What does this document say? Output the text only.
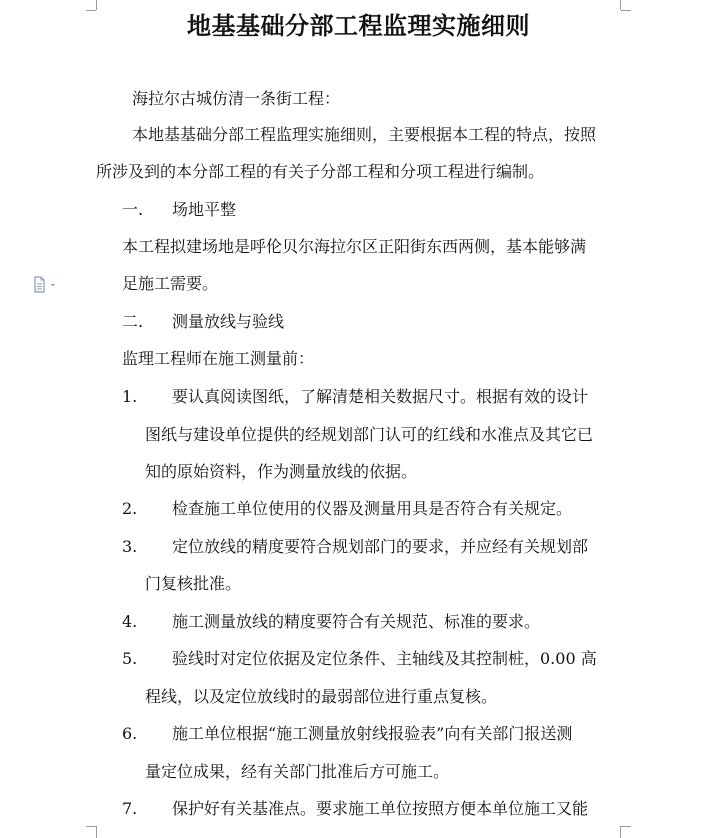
地基基础分部工程监理实施细则
海拉尔古城仿清一条街工程：
本地基基础分部工程监理实施细则，主要根据本工程的特点，按照
所涉及到的本分部工程的有关子分部工程和分项工程进行编制。
一. 场地平整
本工程拟建场地是呼伦贝尔海拉尔区正阳街东西两侧，基本能够满
足施工需要。
二. 测量放线与验线
监理工程师在施工测量前：
1. 要认真阅读图纸，了解清楚相关数据尺寸。根据有效的设计
图纸与建设单位提供的经规划部门认可的红线和水准点及其它已
知的原始资料，作为测量放线的依据。
2. 检查施工单位使用的仪器及测量用具是否符合有关规定。
3. 定位放线的精度要符合规划部门的要求，并应经有关规划部
门复核批准。
4. 施工测量放线的精度要符合有关规范、标准的要求。
5. 验线时对定位依据及定位条件、主轴线及其控制桩，0.00 高
程线，以及定位放线时的最弱部位进行重点复核。
6. 施工单位根据“施工测量放射线报验表”向有关部门报送测
量定位成果，经有关部门批准后方可施工。
7. 保护好有关基准点。要求施工单位按照方便本单位施工又能
